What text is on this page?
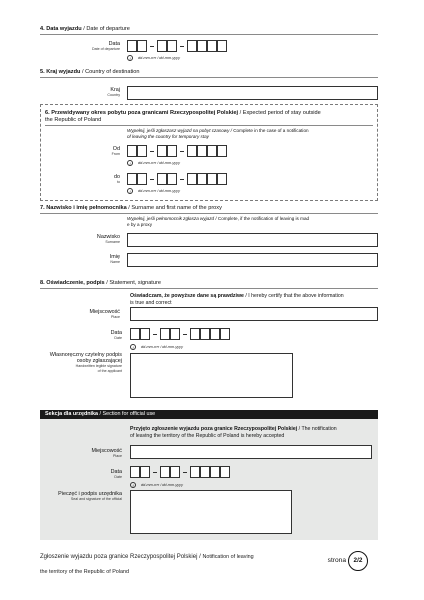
4. Data wyjazdu / Date of departure
Data
Date of departure
i	dd-mm-rrrr / dd-mm-yyyy
5. Kraj wyjazdu / Country of destination
Kraj
Country
6. Przewidywany okres pobytu poza granicami Rzeczypospolitej Polskiej / Expected period of stay outside
the Republic of Poland
Wypełnij, jeśli zgłaszasz wyjazd na pobyt czasowy / Complete in the case of a notification
of leaving the country for temporary stay
Od
From
i	dd-mm-rrrr / dd-mm-yyyy
do
to
i	dd-mm-rrrr / dd-mm-yyyy
7. Nazwisko i imię pełnomocnika / Surname and first name of the proxy
Wypełnij, jeśli pełnomocnik zgłasza wyjazd / Complete, if the notification of leaving is mad
e by a proxy
Nazwisko
Surname
Imię
Name
8. Oświadczenie, podpis / Statement, signature
Oświadczam, że powyższe dane są prawdziwe / I hereby certify that the above information
is true and correct
Miejscowość
Place
Data
Date
i	dd-mm-rrrr / dd-mm-yyyy
Własnoręczny czytelny podpis
osoby zgłaszającej
Handwritten legible signature
of the applicant
Sekcja dla urzędnika / Section for official use
Przyjęto zgłoszenie wyjazdu poza granice Rzeczypospolitej Polskiej / The notification
of leaving the territory of the Republic of Poland is hereby accepted
Miejscowość
Place
Data
Date
i	dd-mm-rrrr / dd-mm-yyyy
Pieczęć i podpis urzędnika
Seal and signature of the official
Zgłoszenie wyjazdu poza granice Rzeczypospolitej Polskiej / Notification of leaving
the territory of the Republic of Poland
strona	2/2
